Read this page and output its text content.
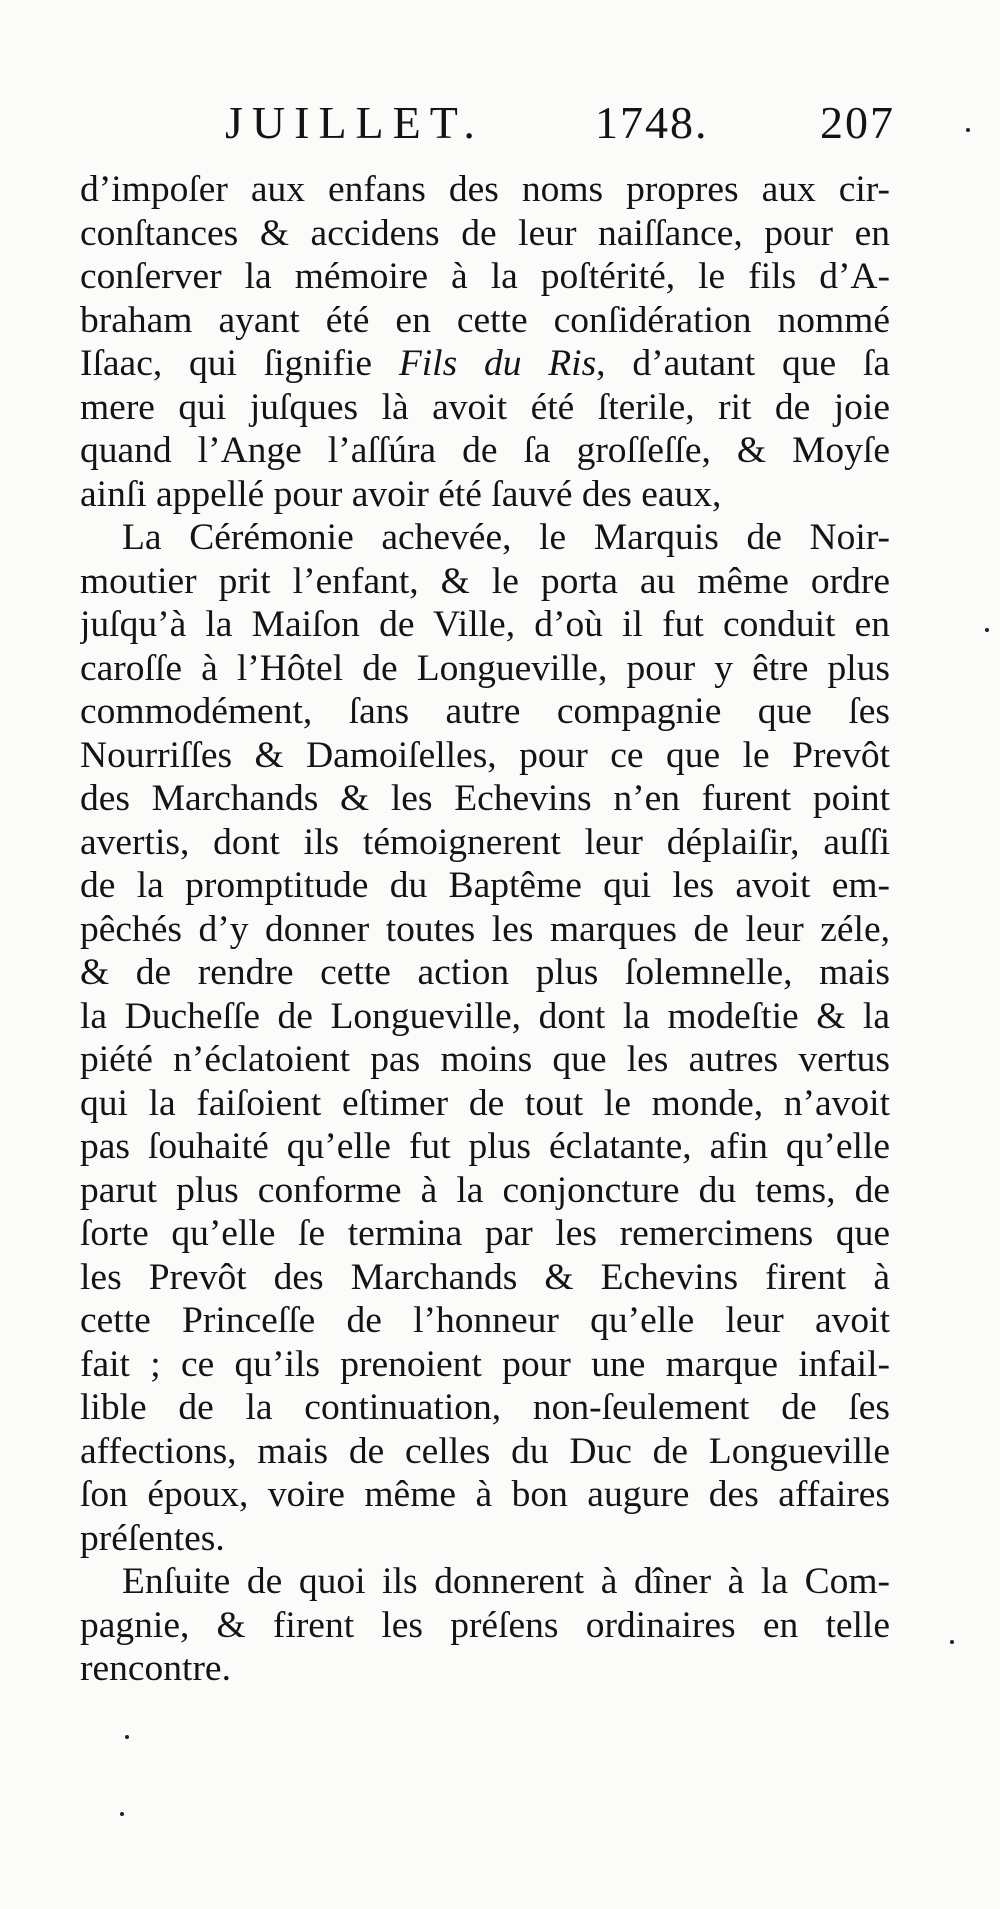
JUILLET. 1748. 207
d’impoſer aux enfans des noms propres aux cir-
conſtances & accidens de leur naiſſance, pour en
conſerver la mémoire à la poſtérité, le fils d’A-
braham ayant été en cette conſidération nommé
Iſaac, qui ſignifie Fils du Ris, d’autant que ſa
mere qui juſques là avoit été ſterile, rit de joie
quand l’Ange l’aſſúra de ſa groſſeſſe, & Moyſe
ainſi appellé pour avoir été ſauvé des eaux,
La Cérémonie achevée, le Marquis de Noir-
moutier prit l’enfant, & le porta au même ordre
juſqu’à la Maiſon de Ville, d’où il fut conduit en
caroſſe à l’Hôtel de Longueville, pour y être plus
commodément, ſans autre compagnie que ſes
Nourriſſes & Damoiſelles, pour ce que le Prevôt
des Marchands & les Echevins n’en furent point
avertis, dont ils témoignerent leur déplaiſir, auſſi
de la promptitude du Baptême qui les avoit em-
pêchés d’y donner toutes les marques de leur zéle,
& de rendre cette action plus ſolemnelle, mais
la Ducheſſe de Longueville, dont la modeſtie & la
piété n’éclatoient pas moins que les autres vertus
qui la faiſoient eſtimer de tout le monde, n’avoit
pas ſouhaité qu’elle fut plus éclatante, afin qu’elle
parut plus conforme à la conjoncture du tems, de
ſorte qu’elle ſe termina par les remercimens que
les Prevôt des Marchands & Echevins firent à
cette Princeſſe de l’honneur qu’elle leur avoit
fait ; ce qu’ils prenoient pour une marque infail-
lible de la continuation, non-ſeulement de ſes
affections, mais de celles du Duc de Longueville
ſon époux, voire même à bon augure des affaires
préſentes.
Enſuite de quoi ils donnerent à dîner à la Com-
pagnie, & firent les préſens ordinaires en telle
rencontre.
